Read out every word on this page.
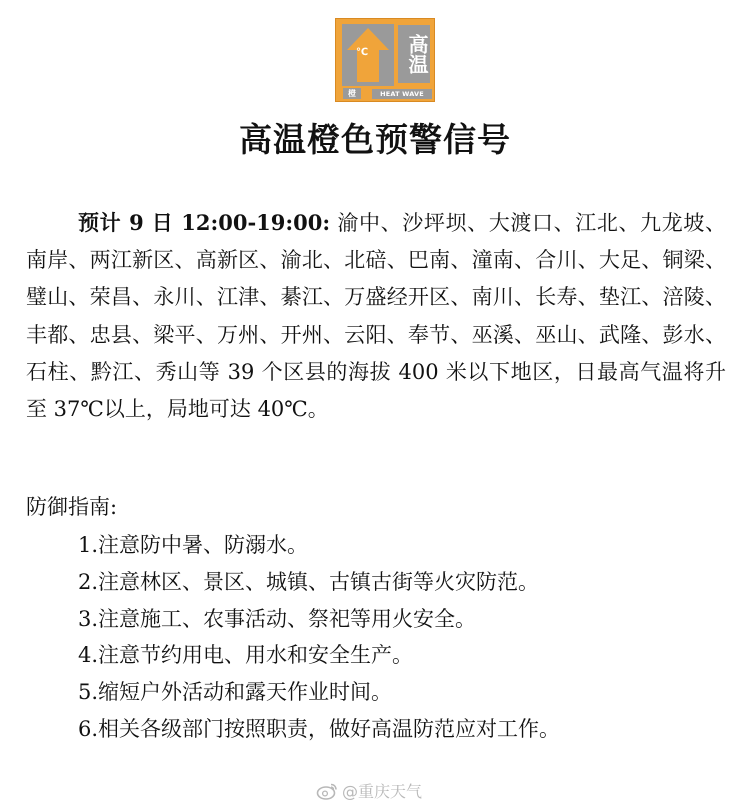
℃
橙
高温
HEAT WAVE
高温橙色预警信号

预计 9 日 12:00-19:00: 渝中、沙坪坝、大渡口、江北、九龙坡、南岸、两江新区、高新区、渝北、北碚、巴南、潼南、合川、大足、铜梁、璧山、荣昌、永川、江津、綦江、万盛经开区、南川、长寿、垫江、涪陵、丰都、忠县、梁平、万州、开州、云阳、奉节、巫溪、巫山、武隆、彭水、石柱、黔江、秀山等 39 个区县的海拔 400 米以下地区，日最高气温将升至 37℃以上，局地可达 40℃。

防御指南:
1.注意防中暑、防溺水。
2.注意林区、景区、城镇、古镇古街等火灾防范。
3.注意施工、农事活动、祭祀等用火安全。
4.注意节约用电、用水和安全生产。
5.缩短户外活动和露天作业时间。
6.相关各级部门按照职责，做好高温防范应对工作。
@重庆天气
